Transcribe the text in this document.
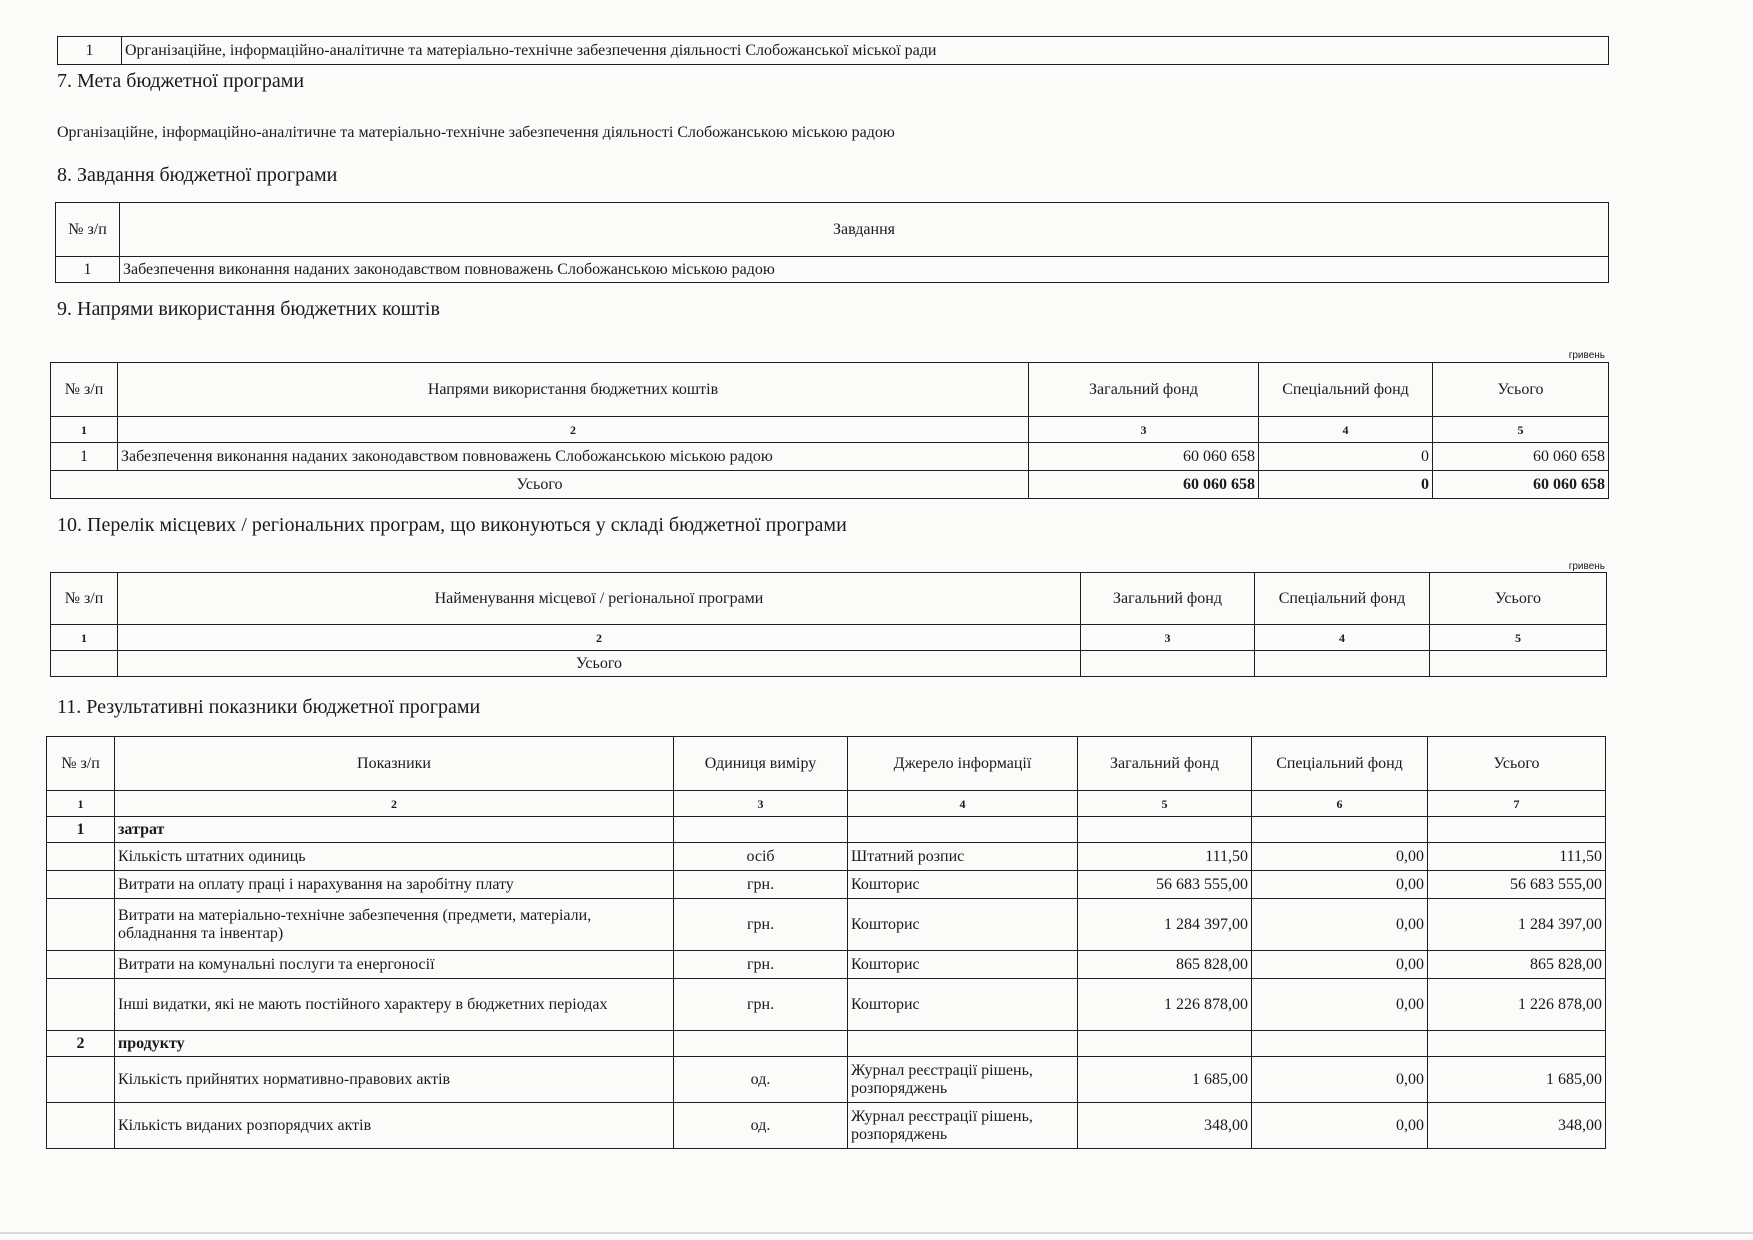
1	Організаційне, інформаційно-аналітичне та матеріально-технічне забезпечення діяльності Слобожанської міської ради
7. Мета бюджетної програми
Організаційне, інформаційно-аналітичне та матеріально-технічне забезпечення діяльності Слобожанською міською радою
8. Завдання бюджетної програми
№ з/п	Завдання
1	Забезпечення виконання наданих законодавством повноважень Слобожанською міською радою
9. Напрями використання бюджетних коштів
гривень
№ з/п	Напрями використання бюджетних коштів	Загальний фонд	Спеціальний фонд	Усього
1	2	3	4	5
1	Забезпечення виконання наданих законодавством повноважень Слобожанською міською радою	60 060 658	0	60 060 658
Усього		60 060 658	0	60 060 658
10. Перелік місцевих / регіональних програм, що виконуються у складі бюджетної програми
гривень
№ з/п	Найменування місцевої / регіональної програми	Загальний фонд	Спеціальний фонд	Усього
1	2	3	4	5
	Усього			
11. Результативні показники бюджетної програми
№ з/п	Показники	Одиниця виміру	Джерело інформації	Загальний фонд	Спеціальний фонд	Усього
1	2	3	4	5	6	7
1	затрат					
	Кількість штатних одиниць	осіб	Штатний розпис	111,50	0,00	111,50
	Витрати на оплату праці і нарахування на заробітну плату	грн.	Кошторис	56 683 555,00	0,00	56 683 555,00
	Витрати на матеріально-технічне забезпечення (предмети, матеріали, обладнання та інвентар)	грн.	Кошторис	1 284 397,00	0,00	1 284 397,00
	Витрати на комунальні послуги та енергоносії	грн.	Кошторис	865 828,00	0,00	865 828,00
	Інші видатки, які не мають постійного характеру в бюджетних періодах	грн.	Кошторис	1 226 878,00	0,00	1 226 878,00
2	продукту					
	Кількість прийнятих нормативно-правових актів	од.	Журнал реєстрації рішень, розпоряджень	1 685,00	0,00	1 685,00
	Кількість виданих розпорядчих актів	од.	Журнал реєстрації рішень, розпоряджень	348,00	0,00	348,00
